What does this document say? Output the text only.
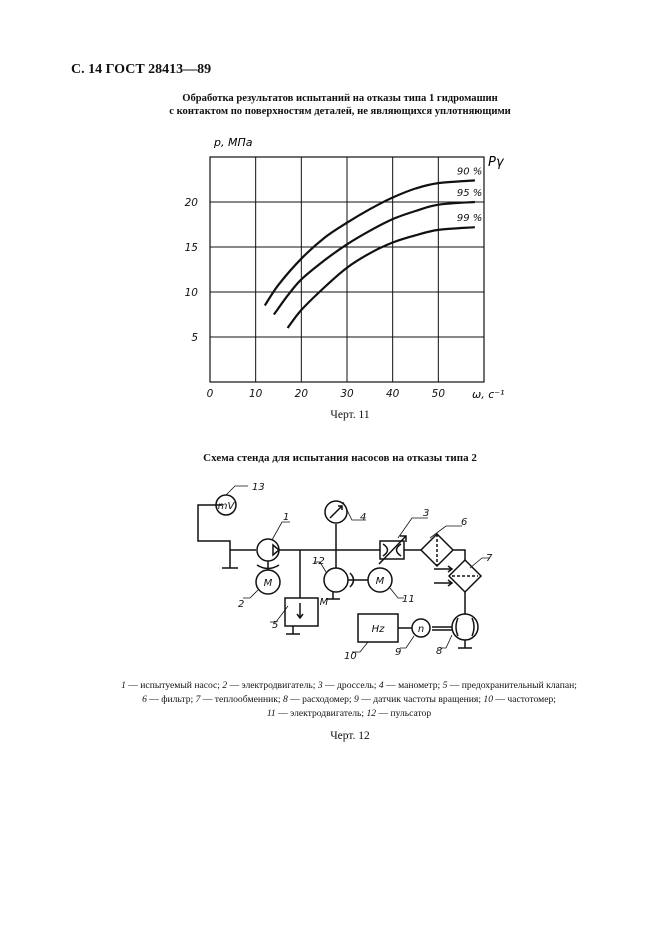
С. 14 ГОСТ 28413—89
Обработка результатов испытаний на отказы типа 1 гидромашин
с контактом по поверхностям деталей, не являющихся уплотняющими
90 %
95 %
99 %
0	10	20	30	40	50
5
10
15
20
p, МПа
ω, с⁻¹
Pγ
Черт. 11
Схема стенда для испытания насосов на отказы типа 2
mV
M
M
M
n
Hz
13
1
2
4	3
5
6
7
12
11
8
9
10
1 — испытуемый насос; 2 — электродвигатель; 3 — дроссель; 4 — манометр; 5 — предохранительный клапан;
6 — фильтр; 7 — теплообменник; 8 — расходомер; 9 — датчик частоты вращения; 10 — частотомер;
11 — электродвигатель; 12 — пульсатор
Черт. 12
